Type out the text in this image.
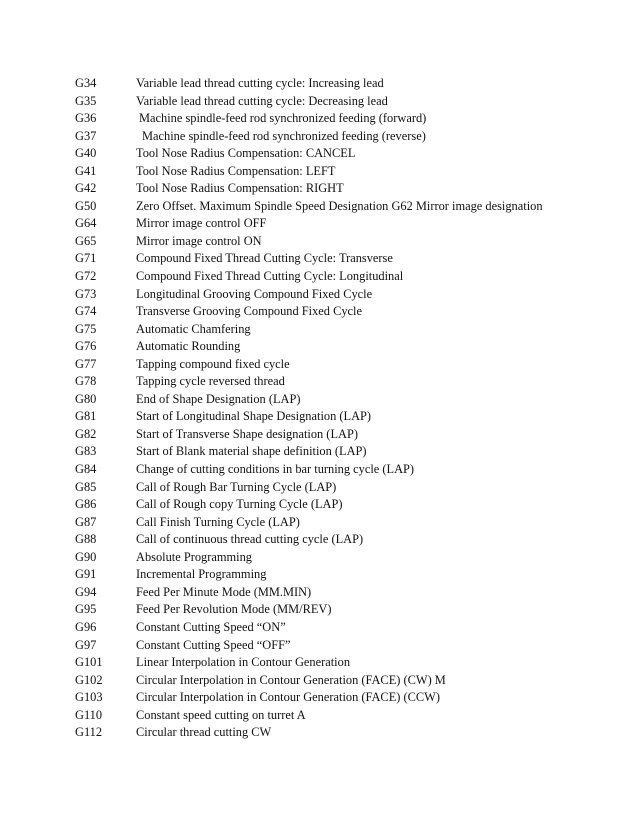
G34	Variable lead thread cutting cycle: Increasing lead
G35	Variable lead thread cutting cycle: Decreasing lead
G36	Machine spindle-feed rod synchronized feeding (forward)
G37	Machine spindle-feed rod synchronized feeding (reverse)
G40	Tool Nose Radius Compensation: CANCEL
G41	Tool Nose Radius Compensation: LEFT
G42	Tool Nose Radius Compensation: RIGHT
G50	Zero Offset. Maximum Spindle Speed Designation G62 Mirror image designation
G64	Mirror image control OFF
G65	Mirror image control ON
G71	Compound Fixed Thread Cutting Cycle: Transverse
G72	Compound Fixed Thread Cutting Cycle: Longitudinal
G73	Longitudinal Grooving Compound Fixed Cycle
G74	Transverse Grooving Compound Fixed Cycle
G75	Automatic Chamfering
G76	Automatic Rounding
G77	Tapping compound fixed cycle
G78	Tapping cycle reversed thread
G80	End of Shape Designation (LAP)
G81	Start of Longitudinal Shape Designation (LAP)
G82	Start of Transverse Shape designation (LAP)
G83	Start of Blank material shape definition (LAP)
G84	Change of cutting conditions in bar turning cycle (LAP)
G85	Call of Rough Bar Turning Cycle (LAP)
G86	Call of Rough copy Turning Cycle (LAP)
G87	Call Finish Turning Cycle (LAP)
G88	Call of continuous thread cutting cycle (LAP)
G90	Absolute Programming
G91	Incremental Programming
G94	Feed Per Minute Mode (MM.MIN)
G95	Feed Per Revolution Mode (MM/REV)
G96	Constant Cutting Speed “ON”
G97	Constant Cutting Speed “OFF”
G101	Linear Interpolation in Contour Generation
G102	Circular Interpolation in Contour Generation (FACE) (CW) M
G103	Circular Interpolation in Contour Generation (FACE) (CCW)
G110	Constant speed cutting on turret A
G112	Circular thread cutting CW
